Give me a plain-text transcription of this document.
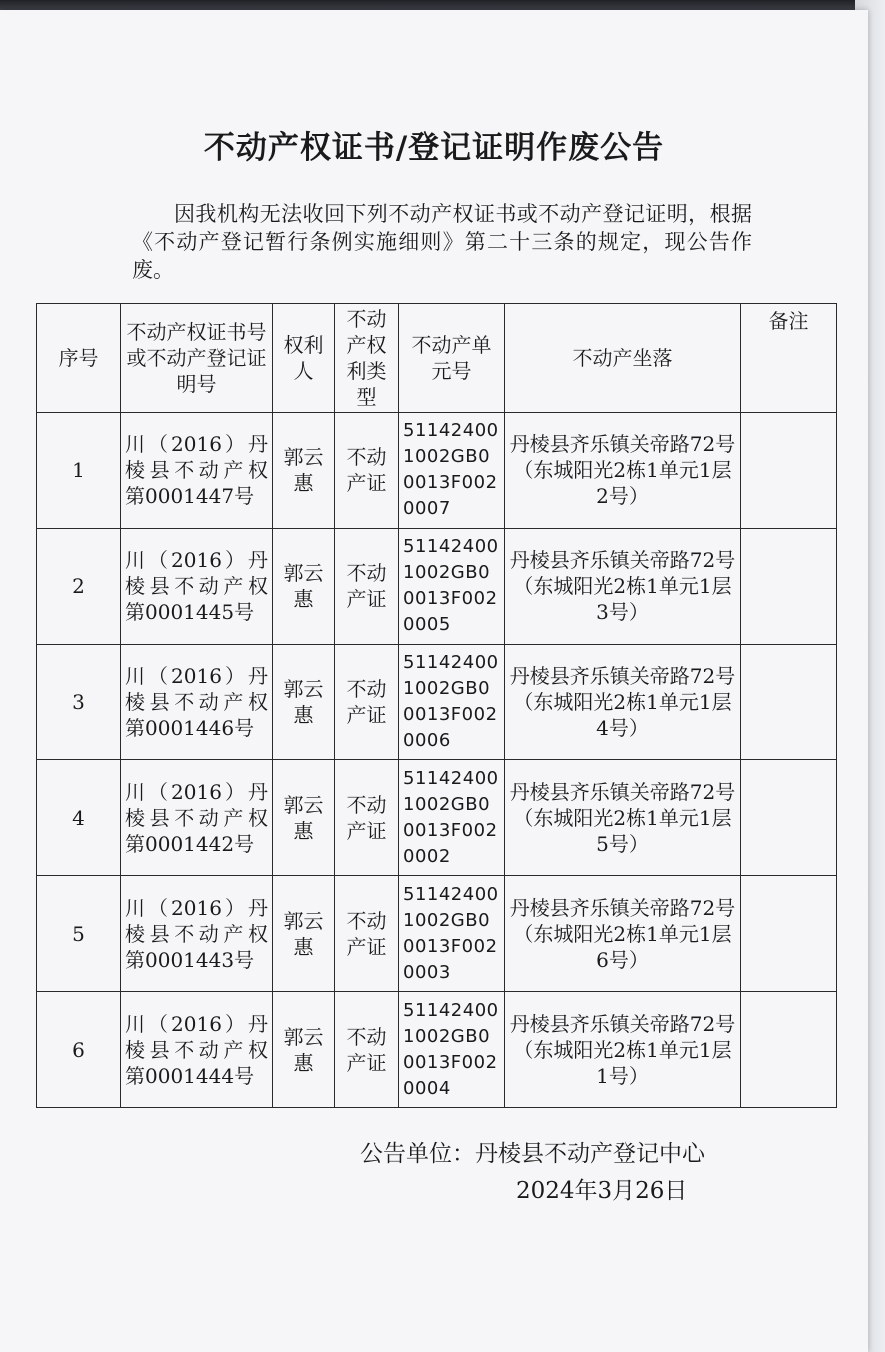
不动产权证书/登记证明作废公告
因我机构无法收回下列不动产权证书或不动产登记证明，根据《不动产登记暂行条例实施细则》第二十三条的规定，现公告作废。
序号	不动产权证书号或不动产登记证明号	权利人	不动产权利类型	不动产单元号	不动产坐落	备注
1	川（2016）丹棱县不动产权 第0001447号	郭云惠	不动产证	511424001002GB00013F0020007	丹棱县齐乐镇关帝路72号（东城阳光2栋1单元1层2号）	
2	川（2016）丹棱县不动产权 第0001445号	郭云惠	不动产证	511424001002GB00013F0020005	丹棱县齐乐镇关帝路72号（东城阳光2栋1单元1层3号）	
3	川（2016）丹棱县不动产权 第0001446号	郭云惠	不动产证	511424001002GB00013F0020006	丹棱县齐乐镇关帝路72号（东城阳光2栋1单元1层4号）	
4	川（2016）丹棱县不动产权 第0001442号	郭云惠	不动产证	511424001002GB00013F0020002	丹棱县齐乐镇关帝路72号（东城阳光2栋1单元1层5号）	
5	川（2016）丹棱县不动产权 第0001443号	郭云惠	不动产证	511424001002GB00013F0020003	丹棱县齐乐镇关帝路72号（东城阳光2栋1单元1层6号）	
6	川（2016）丹棱县不动产权 第0001444号	郭云惠	不动产证	511424001002GB00013F0020004	丹棱县齐乐镇关帝路72号（东城阳光2栋1单元1层1号）	
公告单位：丹棱县不动产登记中心
2024年3月26日
